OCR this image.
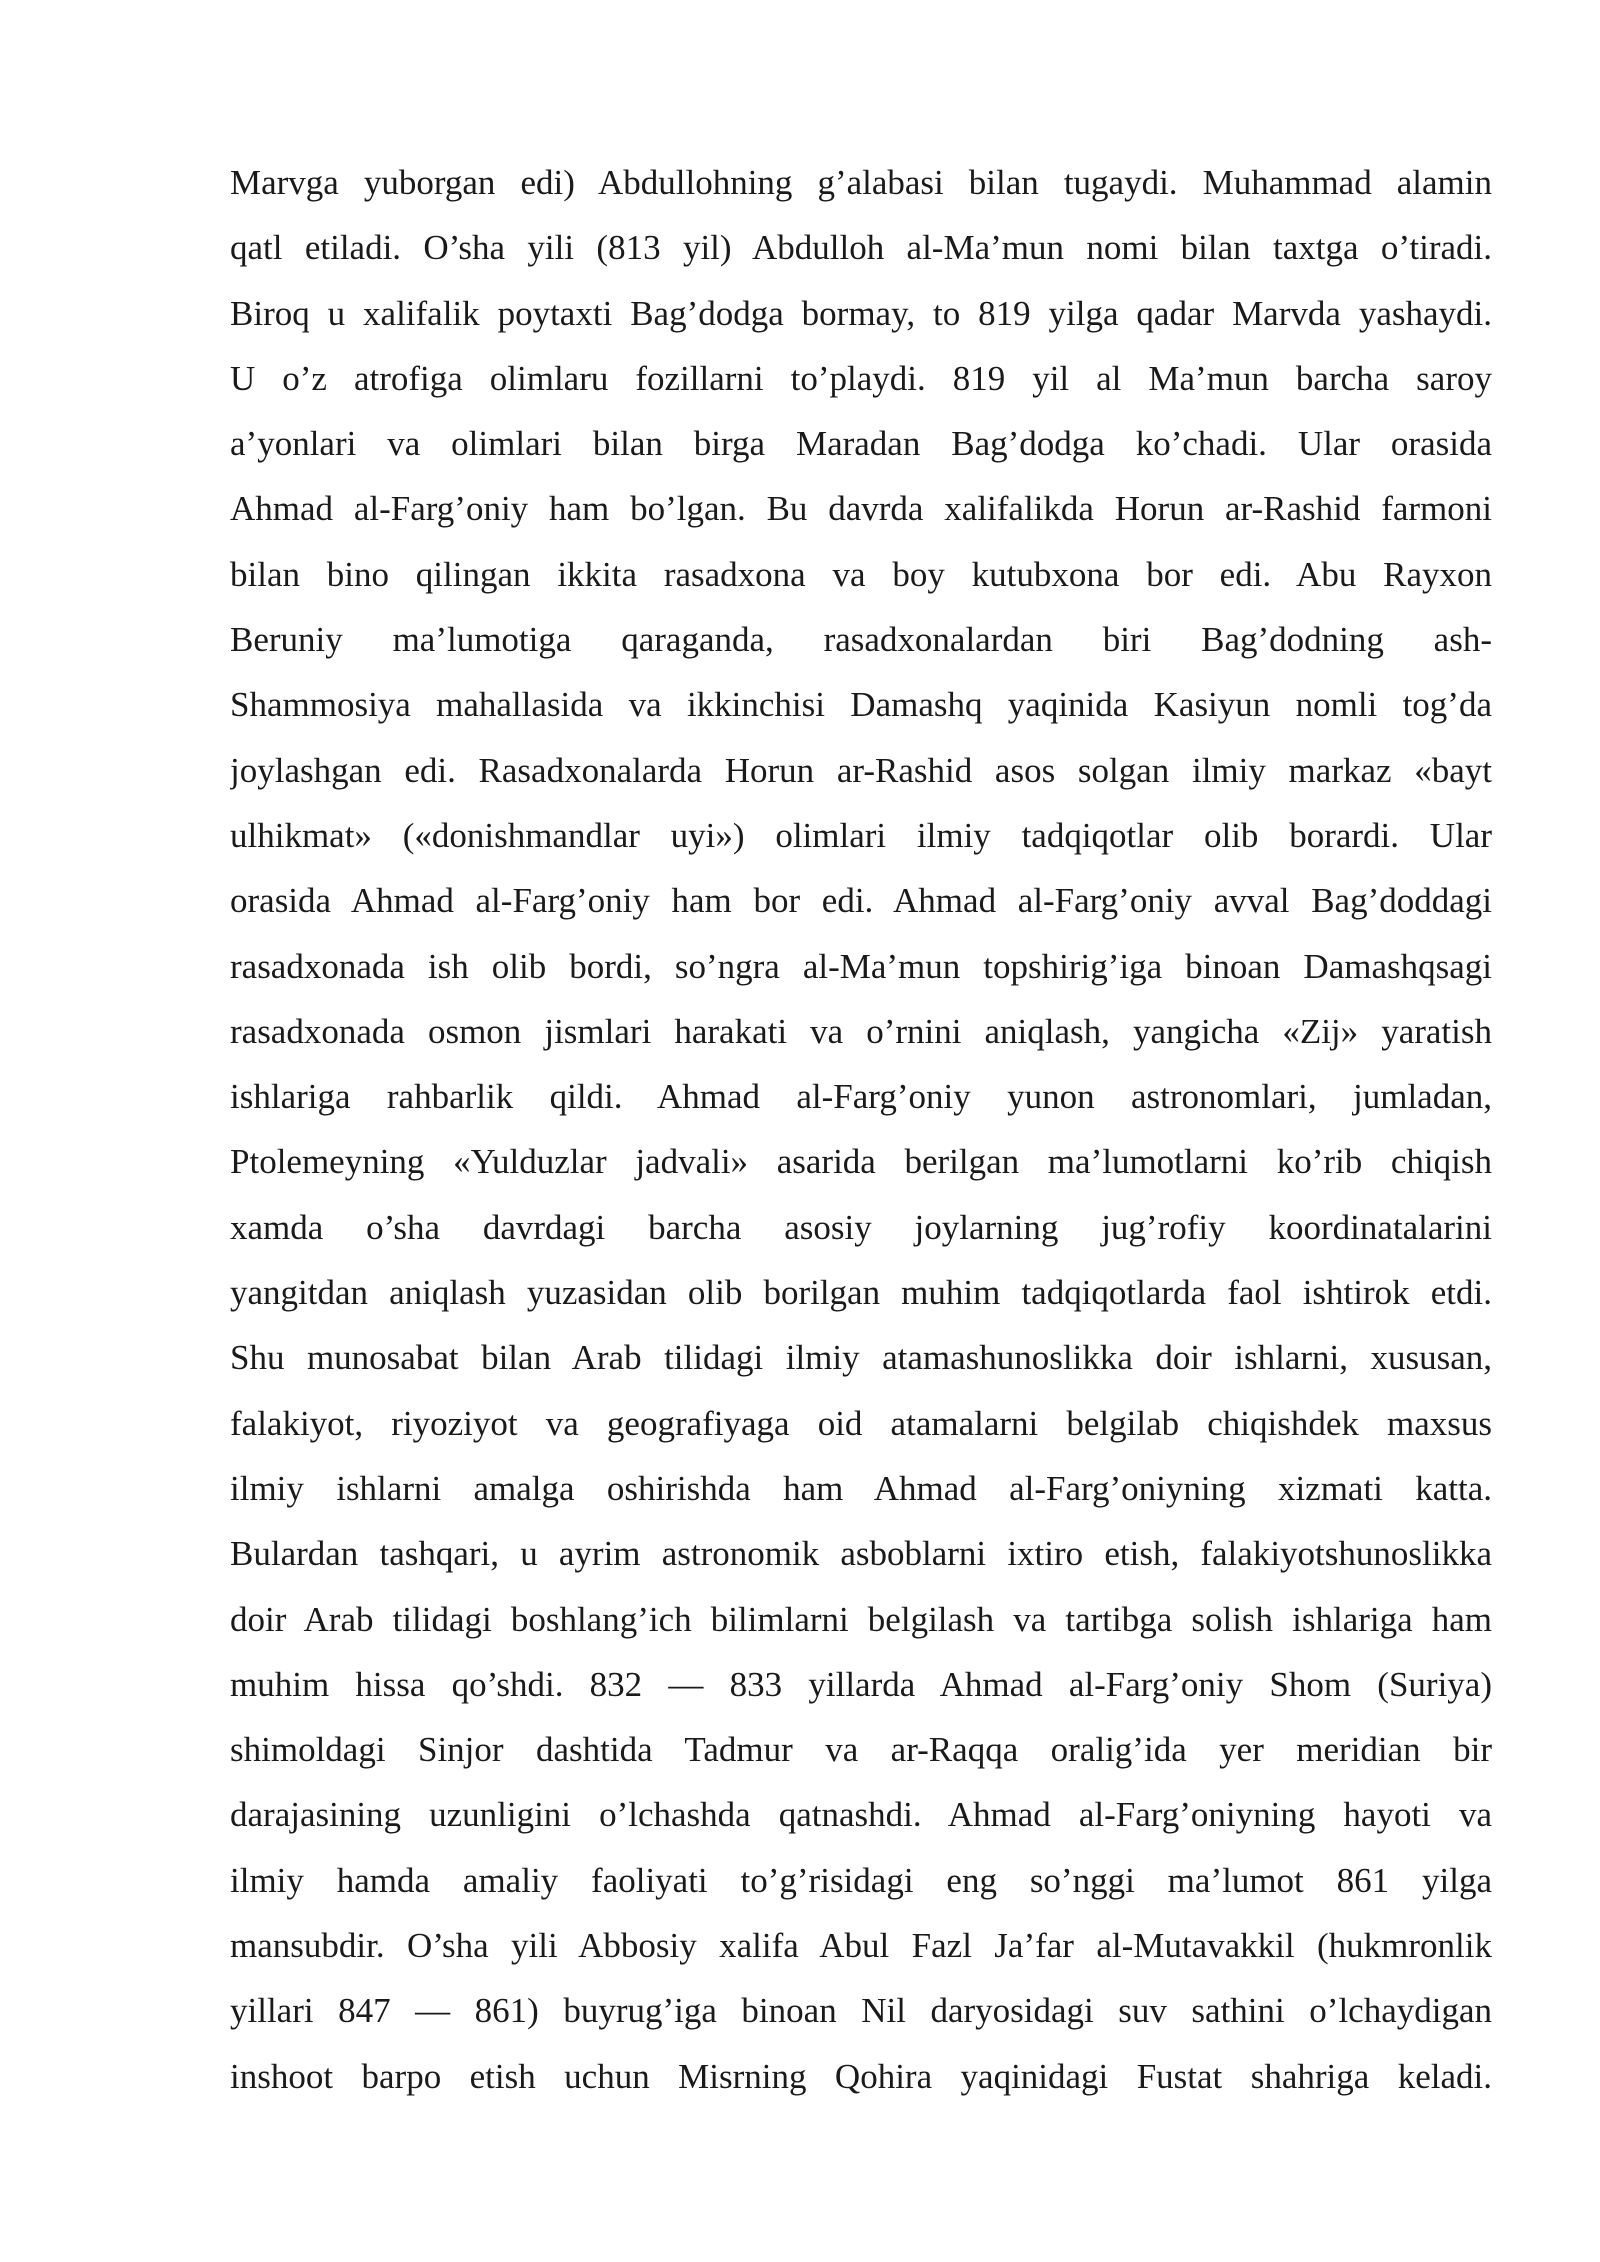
Marvga yuborgan edi) Abdullohning g’alabasi bilan tugaydi. Muhammad alamin
qatl etiladi. O’sha yili (813 yil) Abdulloh al-Ma’mun nomi bilan taxtga o’tiradi.
Biroq u xalifalik poytaxti Bag’dodga bormay, to 819 yilga qadar Marvda yashaydi.
U o’z atrofiga olimlaru fozillarni to’playdi. 819 yil al Ma’mun barcha saroy
a’yonlari va olimlari bilan birga Maradan Bag’dodga ko’chadi. Ular orasida
Ahmad al-Farg’oniy ham bo’lgan. Bu davrda xalifalikda Horun ar-Rashid farmoni
bilan bino qilingan ikkita rasadxona va boy kutubxona bor edi. Abu Rayxon
Beruniy ma’lumotiga qaraganda, rasadxonalardan biri Bag’dodning ash-
Shammosiya mahallasida va ikkinchisi Damashq yaqinida Kasiyun nomli tog’da
joylashgan edi. Rasadxonalarda Horun ar-Rashid asos solgan ilmiy markaz «bayt
ulhikmat» («donishmandlar uyi») olimlari ilmiy tadqiqotlar olib borardi. Ular
orasida Ahmad al-Farg’oniy ham bor edi. Ahmad al-Farg’oniy avval Bag’doddagi
rasadxonada ish olib bordi, so’ngra al-Ma’mun topshirig’iga binoan Damashqsagi
rasadxonada osmon jismlari harakati va o’rnini aniqlash, yangicha «Zij» yaratish
ishlariga rahbarlik qildi. Ahmad al-Farg’oniy yunon astronomlari, jumladan,
Ptolemeyning «Yulduzlar jadvali» asarida berilgan ma’lumotlarni ko’rib chiqish
xamda o’sha davrdagi barcha asosiy joylarning jug’rofiy koordinatalarini
yangitdan aniqlash yuzasidan olib borilgan muhim tadqiqotlarda faol ishtirok etdi.
Shu munosabat bilan Arab tilidagi ilmiy atamashunoslikka doir ishlarni, xususan,
falakiyot, riyoziyot va geografiyaga oid atamalarni belgilab chiqishdek maxsus
ilmiy ishlarni amalga oshirishda ham Ahmad al-Farg’oniyning xizmati katta.
Bulardan tashqari, u ayrim astronomik asboblarni ixtiro etish, falakiyotshunoslikka
doir Arab tilidagi boshlang’ich bilimlarni belgilash va tartibga solish ishlariga ham
muhim hissa qo’shdi. 832 — 833 yillarda Ahmad al-Farg’oniy Shom (Suriya)
shimoldagi Sinjor dashtida Tadmur va ar-Raqqa oralig’ida yer meridian bir
darajasining uzunligini o’lchashda qatnashdi. Ahmad al-Farg’oniyning hayoti va
ilmiy hamda amaliy faoliyati to’g’risidagi eng so’nggi ma’lumot 861 yilga
mansubdir. O’sha yili Abbosiy xalifa Abul Fazl Ja’far al-Mutavakkil (hukmronlik
yillari 847 — 861) buyrug’iga binoan Nil daryosidagi suv sathini o’lchaydigan
inshoot barpo etish uchun Misrning Qohira yaqinidagi Fustat shahriga keladi.
